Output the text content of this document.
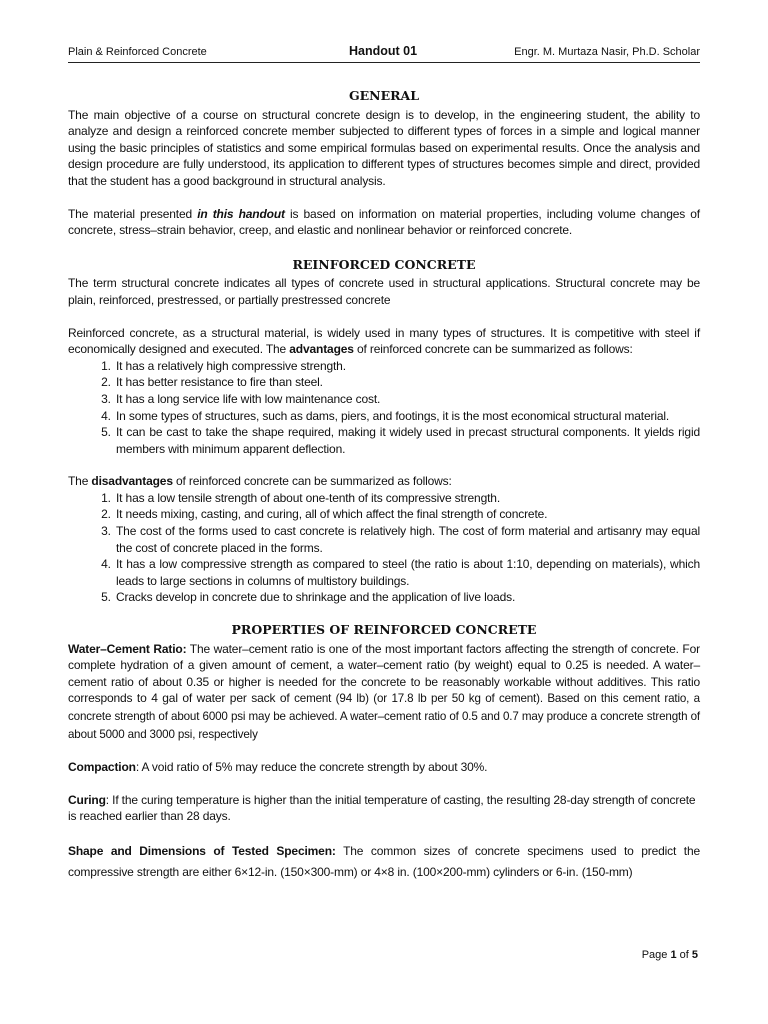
Plain & Reinforced Concrete	Handout 01	Engr. M. Murtaza Nasir, Ph.D. Scholar
GENERAL

The main objective of a course on structural concrete design is to develop, in the engineering student, the ability to analyze and design a reinforced concrete member subjected to different types of forces in a simple and logical manner using the basic principles of statistics and some empirical formulas based on experimental results. Once the analysis and design procedure are fully understood, its application to different types of structures becomes simple and direct, provided that the student has a good background in structural analysis.

The material presented in this handout is based on information on material properties, including volume changes of concrete, stress–strain behavior, creep, and elastic and nonlinear behavior or reinforced concrete.

REINFORCED CONCRETE

The term structural concrete indicates all types of concrete used in structural applications. Structural concrete may be plain, reinforced, prestressed, or partially prestressed concrete

Reinforced concrete, as a structural material, is widely used in many types of structures. It is competitive with steel if economically designed and executed. The advantages of reinforced concrete can be summarized as follows:

1. It has a relatively high compressive strength.
2. It has better resistance to fire than steel.
3. It has a long service life with low maintenance cost.
4. In some types of structures, such as dams, piers, and footings, it is the most economical structural material.
5. It can be cast to take the shape required, making it widely used in precast structural components. It yields rigid members with minimum apparent deflection.

The disadvantages of reinforced concrete can be summarized as follows:

1. It has a low tensile strength of about one-tenth of its compressive strength.
2. It needs mixing, casting, and curing, all of which affect the final strength of concrete.
3. The cost of the forms used to cast concrete is relatively high. The cost of form material and artisanry may equal the cost of concrete placed in the forms.
4. It has a low compressive strength as compared to steel (the ratio is about 1:10, depending on materials), which leads to large sections in columns of multistory buildings.
5. Cracks develop in concrete due to shrinkage and the application of live loads.
PROPERTIES OF REINFORCED CONCRETE

Water–Cement Ratio: The water–cement ratio is one of the most important factors affecting the strength of concrete. For complete hydration of a given amount of cement, a water–cement ratio (by weight) equal to 0.25 is needed. A water–cement ratio of about 0.35 or higher is needed for the concrete to be reasonably workable without additives. This ratio corresponds to 4 gal of water per sack of cement (94 lb) (or 17.8 lb per 50 kg of cement). Based on this cement ratio, a concrete strength of about 6000 psi may be achieved. A water–cement ratio of 0.5 and 0.7 may produce a concrete strength of about 5000 and 3000 psi, respectively

Compaction: A void ratio of 5% may reduce the concrete strength by about 30%.

Curing: If the curing temperature is higher than the initial temperature of casting, the resulting 28-day strength of concrete is reached earlier than 28 days.

Shape and Dimensions of Tested Specimen: The common sizes of concrete specimens used to predict the compressive strength are either 6×12-in. (150×300-mm) or 4×8 in. (100×200-mm) cylinders or 6-in. (150-mm)

Page 1 of 5
